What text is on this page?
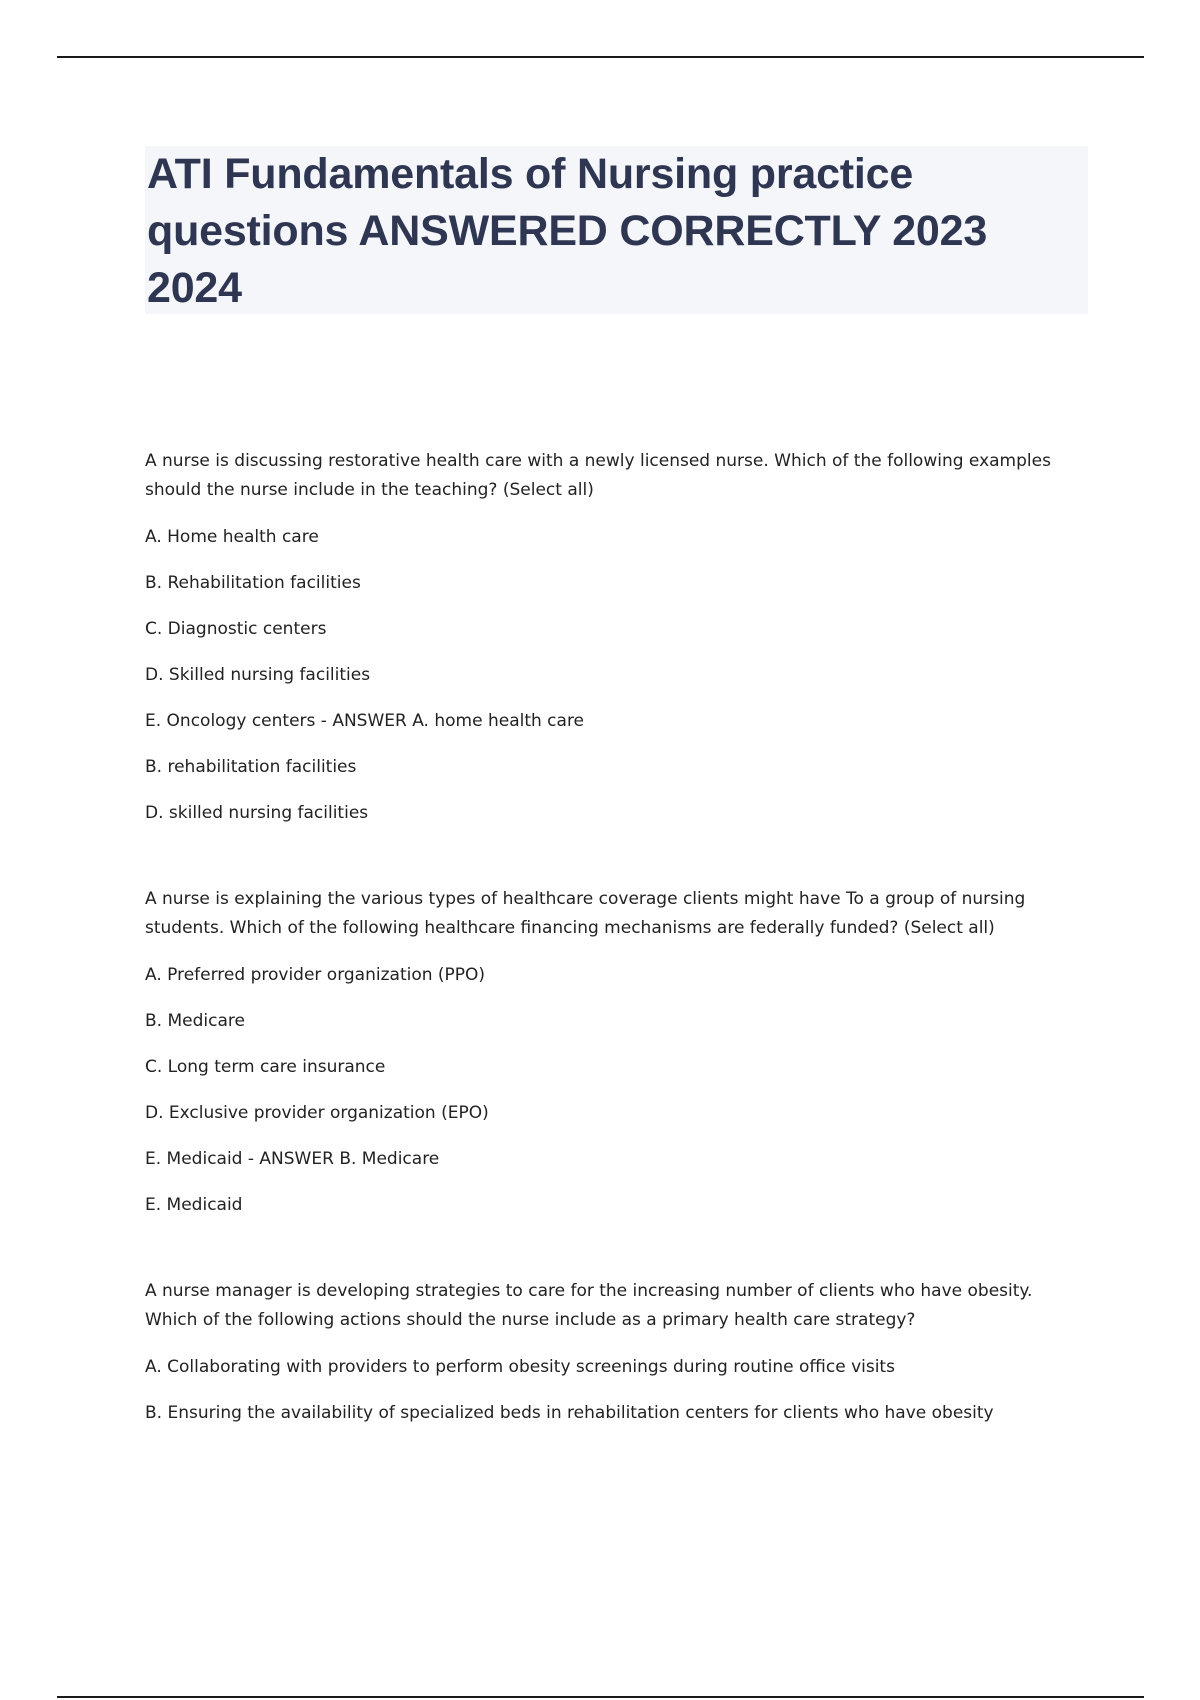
ATI Fundamentals of Nursing practice questions ANSWERED CORRECTLY 2023 2024

A nurse is discussing restorative health care with a newly licensed nurse. Which of the following examples should the nurse include in the teaching? (Select all)

A. Home health care

B. Rehabilitation facilities

C. Diagnostic centers

D. Skilled nursing facilities

E. Oncology centers - ANSWER A. home health care

B. rehabilitation facilities

D. skilled nursing facilities

A nurse is explaining the various types of healthcare coverage clients might have To a group of nursing students. Which of the following healthcare financing mechanisms are federally funded? (Select all)

A. Preferred provider organization (PPO)

B. Medicare

C. Long term care insurance

D. Exclusive provider organization (EPO)

E. Medicaid - ANSWER B. Medicare

E. Medicaid

A nurse manager is developing strategies to care for the increasing number of clients who have obesity. Which of the following actions should the nurse include as a primary health care strategy?

A. Collaborating with providers to perform obesity screenings during routine office visits

B. Ensuring the availability of specialized beds in rehabilitation centers for clients who have obesity
